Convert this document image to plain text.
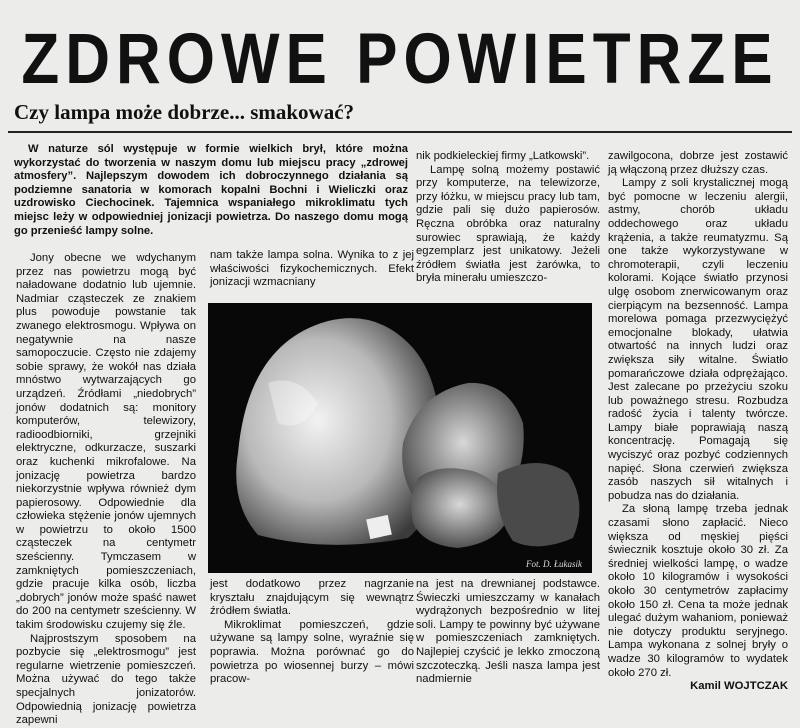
ZDROWE POWIETRZE
Czy lampa może dobrze... smakować?

W naturze sól występuje w formie wielkich brył, które można wykorzystać do tworzenia w naszym domu lub miejscu pracy „zdrowej atmosfery”. Najlepszym dowodem ich dobroczynnego działania są podziemne sanatoria w komorach kopalni Bochni i Wieliczki oraz uzdrowisko Ciechocinek. Tajemnica wspaniałego mikroklimatu tych miejsc leży w odpowiedniej jonizacji powietrza. Do naszego domu mogą go przenieść lampy solne.

Jony obecne we wdychanym przez nas powietrzu mogą być naładowane dodatnio lub ujemnie. Nadmiar cząsteczek ze znakiem plus powoduje powstanie tak zwanego elektrosmogu. Wpływa on negatywnie na nasze samopoczucie. Często nie zdajemy sobie sprawy, że wokół nas działa mnóstwo wytwarzających go urządzeń. Źródłami „niedobrych” jonów dodatnich są: monitory komputerów, telewizory, radioodbiorniki, grzejniki elektryczne, odkurzacze, suszarki oraz kuchenki mikrofalowe. Na jonizację powietrza bardzo niekorzystnie wpływa również dym papierosowy. Odpowiednie dla człowieka stężenie jonów ujemnych w powietrzu to około 1500 cząsteczek na centymetr sześcienny. Tymczasem w zamkniętych pomieszczeniach, gdzie pracuje kilka osób, liczba „dobrych” jonów może spaść nawet do 200 na centymetr sześcienny. W takim środowisku czujemy się źle.

Najprostszym sposobem na pozbycie się „elektrosmogu” jest regularne wietrzenie pomieszczeń. Można używać do tego także specjalnych jonizatorów. Odpowiednią jonizację powietrza zapewni

nam także lampa solna. Wynika to z jej właściwości fizykochemicznych. Efekt jonizacji wzmacniany

nik podkieleckiej firmy „Latkowski”.

Lampę solną możemy postawić przy komputerze, na telewizorze, przy łóżku, w miejscu pracy lub tam, gdzie pali się dużo papierosów. Ręczna obróbka oraz naturalny surowiec sprawiają, że każdy egzemplarz jest unikatowy. Jeżeli źródłem światła jest żarówka, to bryła minerału umieszczo-

Fot. D. Łukasik

jest dodatkowo przez nagrzanie kryształu znajdującym się wewnątrz źródłem światła.

Mikroklimat pomieszczeń, gdzie używane są lampy solne, wyraźnie się poprawia. Można porównać go do powietrza po wiosennej burzy – mówi pracow-

na jest na drewnianej podstawce. Świeczki umieszczamy w kanałach wydrążonych bezpośrednio w litej soli. Lampy te powinny być używane w pomieszczeniach zamkniętych. Najlepiej czyścić je lekko zmoczoną szczoteczką. Jeśli nasza lampa jest nadmiernie

zawilgocona, dobrze jest zostawić ją włączoną przez dłuższy czas.

Lampy z soli krystalicznej mogą być pomocne w leczeniu alergii, astmy, chorób układu oddechowego oraz układu krążenia, a także reumatyzmu. Są one także wykorzystywane w chromoterapii, czyli leczeniu kolorami. Kojące światło przynosi ulgę osobom znerwicowanym oraz cierpiącym na bezsenność. Lampa morelowa pomaga przezwyciężyć emocjonalne blokady, ułatwia otwartość na innych ludzi oraz zwiększa siły witalne. Światło pomarańczowe działa odprężająco. Jest zalecane po przeżyciu szoku lub poważnego stresu. Rozbudza radość życia i talenty twórcze. Lampy białe poprawiają naszą koncentrację. Pomagają się wyciszyć oraz pozbyć codziennych napięć. Słona czerwień zwiększa zasób naszych sił witalnych i pobudza nas do działania.

Za słoną lampę trzeba jednak czasami słono zapłacić. Nieco większa od męskiej pięści świecznik kosztuje około 30 zł. Za średniej wielkości lampę, o wadze około 10 kilogramów i wysokości około 30 centymetrów zapłacimy około 150 zł. Cena ta może jednak ulegać dużym wahaniom, ponieważ nie dotyczy produktu seryjnego. Lampa wykonana z solnej bryły o wadze 30 kilogramów to wydatek około 270 zł.

Kamil WOJTCZAK
